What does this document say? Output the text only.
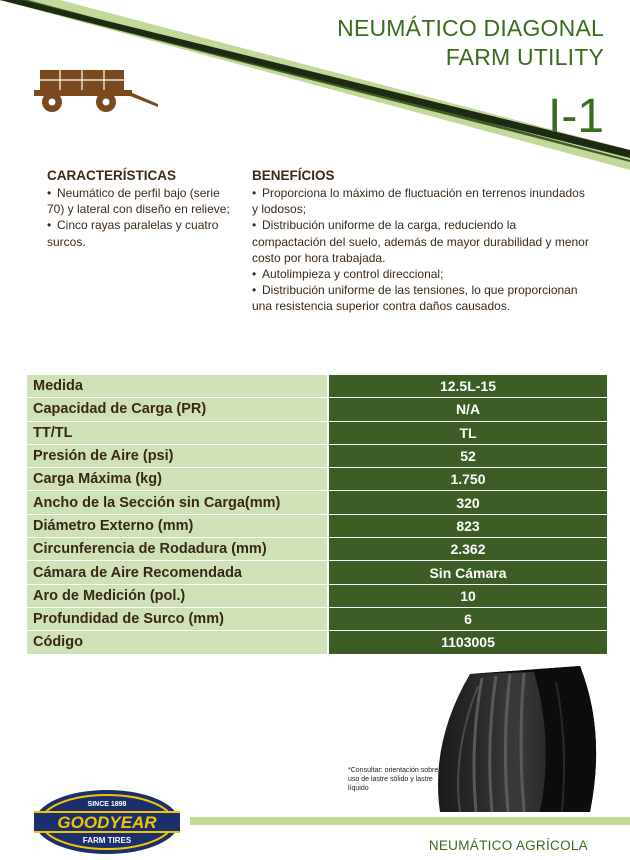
NEUMÁTICO DIAGONAL
FARM UTILITY
I-1
CARACTERÍSTICAS
• Neumático de perfil bajo (serie 70) y lateral con diseño en relieve;
• Cinco rayas paralelas y cuatro surcos.
BENEFÍCIOS
• Proporciona lo máximo de fluctuación en terrenos inundados y lodosos;
• Distribución uniforme de la carga, reduciendo la compactación del suelo, además de mayor durabilidad y menor costo por hora trabajada.
• Autolimpieza y control direccional;
• Distribución uniforme de las tensiones, lo que proporcionan una resistencia superior contra daños causados.
Medida	12.5L-15
Capacidad de Carga (PR)	N/A
TT/TL	TL
Presión de Aire (psi)	52
Carga Máxima (kg)	1.750
Ancho de la Sección sin Carga(mm)	320
Diámetro Externo (mm)	823
Circunferencia de Rodadura (mm)	2.362
Cámara de Aire Recomendada	Sin Cámara
Aro de Medición (pol.)	10
Profundidad de Surco (mm)	6
Código	1103005
*Consultar: orientación sobre uso de lastre sólido y lastre líquido
SINCE 1898
GOODYEAR
FARM TIRES	NEUMÁTICO AGRÍCOLA
